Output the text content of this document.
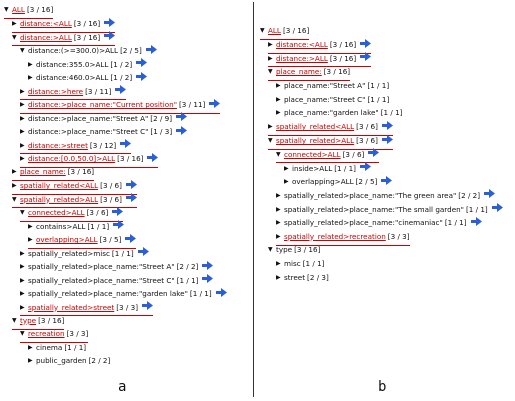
▼ ALL [3 / 16]
▶ distance:<ALL [3 / 16]
▼ distance:>ALL [3 / 16]
▼ distance:(>=300.0)>ALL [2 / 5]
▶ distance:355.0>ALL [1 / 2]
▶ distance:460.0>ALL [1 / 2]
▶ distance:>here [3 / 11]
▶ distance:>place_name:"Current position" [3 / 11]
▶ distance:>place_name:"Street A" [2 / 9]
▶ distance:>place_name:"Street C" [1 / 3]
▶ distance:>street [3 / 12]
▶ distance:[0.0,50.0]>ALL [3 / 16]
▶ place_name: [3 / 16]
▶ spatially_related<ALL [3 / 6]
▼ spatially_related>ALL [3 / 6]
▼ connected>ALL [3 / 6]
▶ contains>ALL [1 / 1]
▶ overlapping>ALL [3 / 5]
▶ spatially_related>misc [1 / 1]
▶ spatially_related>place_name:"Street A" [2 / 2]
▶ spatially_related>place_name:"Street C" [1 / 1]
▶ spatially_related>place_name:"garden lake" [1 / 1]
▶ spatially_related>street [3 / 3]
▼ type [3 / 16]
▼ recreation [3 / 3]
▶ cinema [1 / 1]
▶ public_garden [2 / 2]
▼ ALL [3 / 16]
▶ distance:<ALL [3 / 16]
▶ distance:>ALL [3 / 16]
▼ place_name: [3 / 16]
▶ place_name:"Street A" [1 / 1]
▶ place_name:"Street C" [1 / 1]
▶ place_name:"garden lake" [1 / 1]
▶ spatially_related<ALL [3 / 6]
▼ spatially_related>ALL [3 / 6]
▼ connected>ALL [3 / 6]
▶ inside>ALL [1 / 1]
▶ overlapping>ALL [2 / 5]
▶ spatially_related>place_name:"The green area" [2 / 2]
▶ spatially_related>place_name:"The small garden" [1 / 1]
▶ spatially_related>place_name:"cinemaniac" [1 / 1]
▶ spatially_related>recreation [3 / 3]
▼ type [3 / 16]
▶ misc [1 / 1]
▶ street [2 / 3]
a	b
